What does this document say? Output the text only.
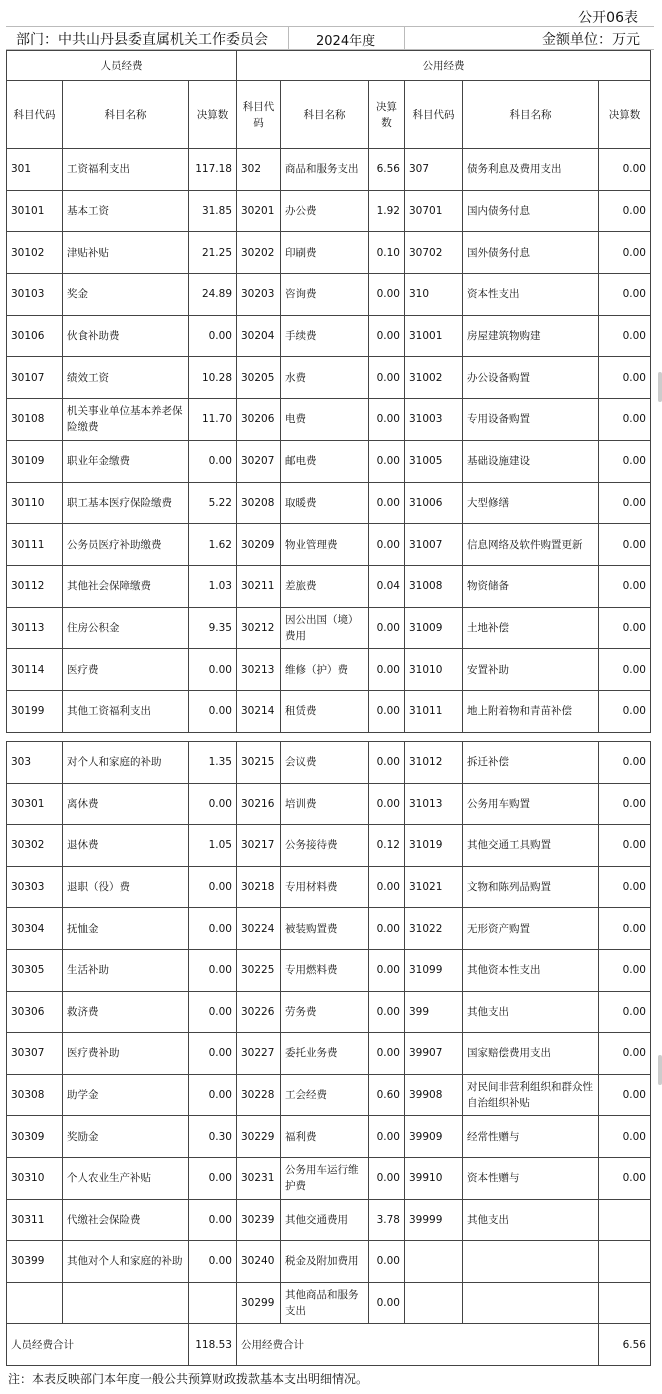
公开06表
部门：中共山丹县委直属机关工作委员会	2024年度	金额单位：万元
人员经费			公用经费					
科目代码	科目名称	决算数	科目代码	科目名称	决算数	科目代码	科目名称	决算数
301	工资福利支出	117.18	302	商品和服务支出	6.56	307	债务利息及费用支出	0.00
30101	基本工资	31.85	30201	办公费	1.92	30701	国内债务付息	0.00
30102	津贴补贴	21.25	30202	印刷费	0.10	30702	国外债务付息	0.00
30103	奖金	24.89	30203	咨询费	0.00	310	资本性支出	0.00
30106	伙食补助费	0.00	30204	手续费	0.00	31001	房屋建筑物购建	0.00
30107	绩效工资	10.28	30205	水费	0.00	31002	办公设备购置	0.00
30108	机关事业单位基本养老保险缴费	11.70	30206	电费	0.00	31003	专用设备购置	0.00
30109	职业年金缴费	0.00	30207	邮电费	0.00	31005	基础设施建设	0.00
30110	职工基本医疗保险缴费	5.22	30208	取暖费	0.00	31006	大型修缮	0.00
30111	公务员医疗补助缴费	1.62	30209	物业管理费	0.00	31007	信息网络及软件购置更新	0.00
30112	其他社会保障缴费	1.03	30211	差旅费	0.04	31008	物资储备	0.00
30113	住房公积金	9.35	30212	因公出国（境）费用	0.00	31009	土地补偿	0.00
30114	医疗费	0.00	30213	维修（护）费	0.00	31010	安置补助	0.00
30199	其他工资福利支出	0.00	30214	租赁费	0.00	31011	地上附着物和青苗补偿	0.00
303	对个人和家庭的补助	1.35	30215	会议费	0.00	31012	拆迁补偿	0.00
30301	离休费	0.00	30216	培训费	0.00	31013	公务用车购置	0.00
30302	退休费	1.05	30217	公务接待费	0.12	31019	其他交通工具购置	0.00
30303	退职（役）费	0.00	30218	专用材料费	0.00	31021	文物和陈列品购置	0.00
30304	抚恤金	0.00	30224	被装购置费	0.00	31022	无形资产购置	0.00
30305	生活补助	0.00	30225	专用燃料费	0.00	31099	其他资本性支出	0.00
30306	救济费	0.00	30226	劳务费	0.00	399	其他支出	0.00
30307	医疗费补助	0.00	30227	委托业务费	0.00	39907	国家赔偿费用支出	0.00
30308	助学金	0.00	30228	工会经费	0.60	39908	对民间非营利组织和群众性自治组织补贴	0.00
30309	奖励金	0.30	30229	福利费	0.00	39909	经常性赠与	0.00
30310	个人农业生产补贴	0.00	30231	公务用车运行维护费	0.00	39910	资本性赠与	0.00
30311	代缴社会保险费	0.00	30239	其他交通费用	3.78	39999	其他支出	
30399	其他对个人和家庭的补助	0.00	30240	税金及附加费用	0.00			
			30299	其他商品和服务支出	0.00			
人员经费合计		118.53	公用经费合计					6.56
注：本表反映部门本年度一般公共预算财政拨款基本支出明细情况。
